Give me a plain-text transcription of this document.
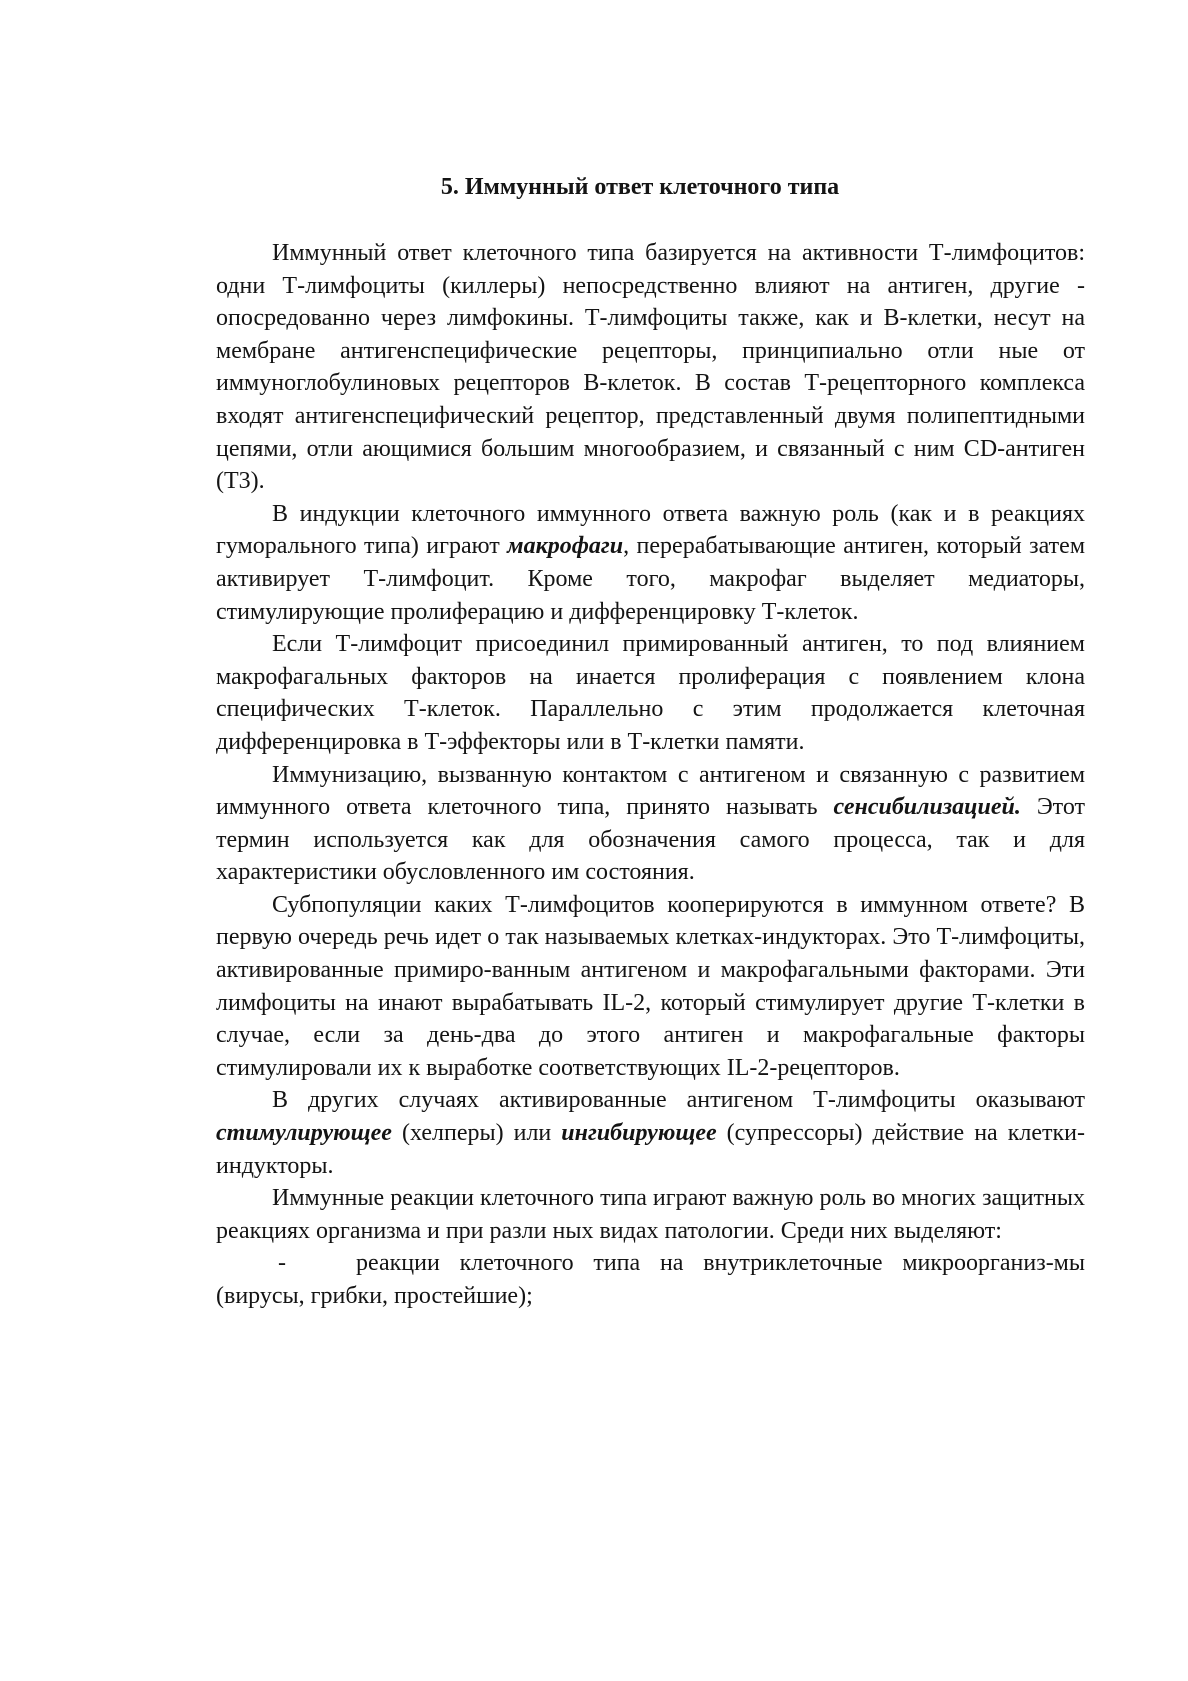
5. Иммунный ответ клеточного типа

Иммунный ответ клеточного типа базируется на активности Т-лимфоцитов: одни Т-лимфоциты (киллеры) непосредственно влияют на антиген, другие - опосредованно через лимфокины. Т-лимфоциты также, как и В-клетки, несут на мембране антигенспецифические рецепторы, принципиально отли ные от иммуноглобулиновых рецепторов В-клеток. В состав Т-рецепторного комплекса входят антигенспецифический рецептор, представленный двумя полипептидными цепями, отли ающимися большим многообразием, и связанный с ним CD-антиген (Т3).

В индукции клеточного иммунного ответа важную роль (как и в реакциях гуморального типа) играют макрофаги, перерабатывающие антиген, который затем активирует Т-лимфоцит. Кроме того, макрофаг выделяет медиаторы, стимулирующие пролиферацию и дифференцировку Т-клеток.

Если Т-лимфоцит присоединил примированный антиген, то под влиянием макрофагальных факторов на инается пролиферация с появлением клона специфических Т-клеток. Параллельно с этим продолжается клеточная дифференцировка в Т-эффекторы или в Т-клетки памяти.

Иммунизацию, вызванную контактом с антигеном и связанную с развитием иммунного ответа клеточного типа, принято называть сенсибилизацией. Этот термин используется как для обозначения самого процесса, так и для характеристики обусловленного им состояния.

Субпопуляции каких Т-лимфоцитов кооперируются в иммунном ответе? В первую очередь речь идет о так называемых клетках-индукторах. Это Т-лимфоциты, активированные примиро-ванным антигеном и макрофагальными факторами. Эти лимфоциты на инают вырабатывать IL-2, который стимулирует другие Т-клетки в случае, если за день-два до этого антиген и макрофагальные факторы стимулировали их к выработке соответствующих IL-2-рецепторов.

В других случаях активированные антигеном Т-лимфоциты оказывают стимулирующее (хелперы) или ингибирующее (супрессоры) действие на клетки-индукторы.

Иммунные реакции клеточного типа играют важную роль во многих защитных реакциях организма и при разли ных видах патологии. Среди них выделяют:

-	реакции клеточного типа на внутриклеточные микроорганиз-мы (вирусы, грибки, простейшие);
